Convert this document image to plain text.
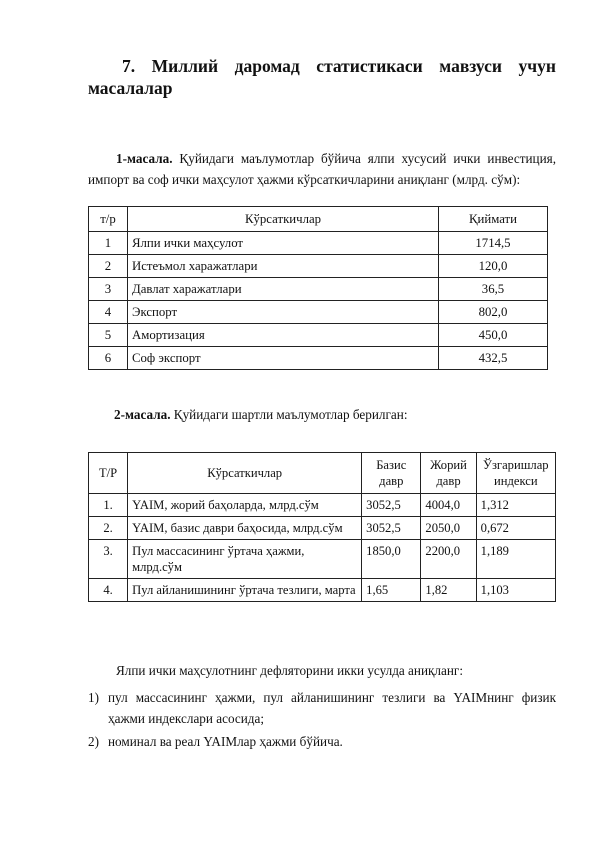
7. Миллий даромад статистикаси мавзуси учун
масалалар
1-масала. Қуйидаги маълумотлар бўйича ялпи хусусий ички инвестиция, импорт ва соф ички маҳсулот ҳажми кўрсаткичларини аниқланг (млрд. сўм):
т/р	Кўрсаткичлар	Қиймати
1	Ялпи ички маҳсулот	1714,5
2	Истеъмол харажатлари	120,0
3	Давлат харажатлари	36,5
4	Экспорт	802,0
5	Амортизация	450,0
6	Соф экспорт	432,5
2-масала. Қуйидаги шартли маълумотлар берилган:
Т/Р	Кўрсаткичлар	Базис давр	Жорий давр	Ўзгаришлар индекси
1.	YAIM, жорий баҳоларда, млрд.сўм	3052,5	4004,0	1,312
2.	YAIM, базис даври баҳосида, млрд.сўм	3052,5	2050,0	0,672
3.	Пул массасининг ўртача ҳажми, млрд.сўм	1850,0	2200,0	1,189
4.	Пул айланишининг ўртача тезлиги, марта	1,65	1,82	1,103
Ялпи ички маҳсулотнинг дефляторини икки усулда аниқланг:
1) пул массасининг ҳажми, пул айланишининг тезлиги ва YAIMнинг физик ҳажми индекслари асосида;
2) номинал ва реал YAIMлар ҳажми бўйича.
